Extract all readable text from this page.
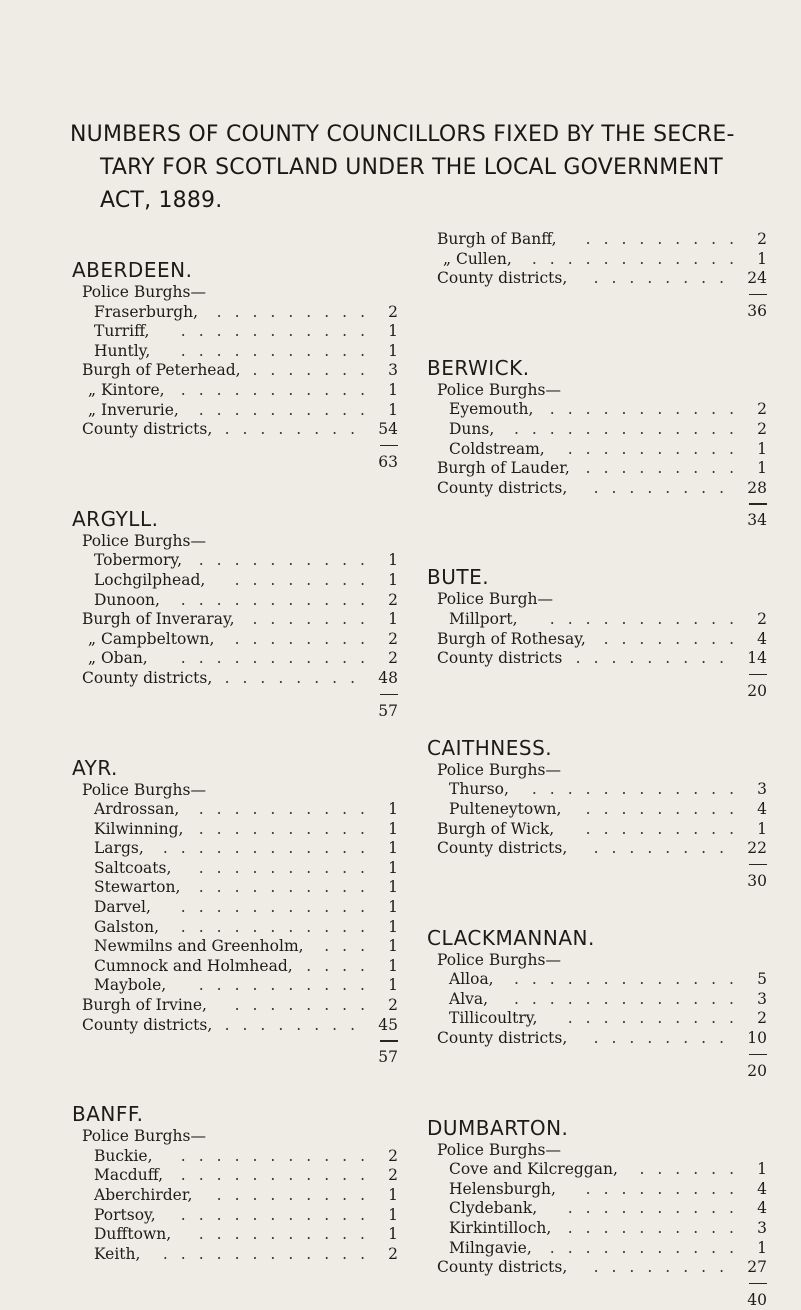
NUMBERS OF COUNTY COUNCILLORS FIXED BY THE SECRE-
TARY FOR SCOTLAND UNDER THE LOCAL GOVERNMENT
ACT, 1889.
ABERDEEN.
Police Burghs—
Fraserburgh,	2
.........
Turriff,	1
...........
Huntly,	1
...........
Burgh of Peterhead,	3
.......
„ Kintore,	1
...........
„ Inverurie,	1
..........
County districts,	54
........
63
ARGYLL.
Police Burghs—
Tobermory,	1
..........
Lochgilphead,	1
........
Dunoon,	2
...........
Burgh of Inveraray,	1
.......
„ Campbeltown,	2
........
„ Oban,	2
...........
County districts,	48
........
57
AYR.
Police Burghs—
Ardrossan,	1
..........
Kilwinning,	1
..........
Largs,	1
............
Saltcoats,	1
..........
Stewarton,	1
..........
Darvel,	1
...........
Galston,	1
...........
Newmilns and Greenholm,	1
...
Cumnock and Holmhead,	1
....
Maybole,	1
..........
Burgh of Irvine,	2
........
County districts,	45
........
57
BANFF.
Police Burghs—
Buckie,	2
...........
Macduff,	2
...........
Aberchirder,	1
.........
Portsoy,	1
...........
Dufftown,	1
..........
Keith,	2
............
Burgh of Banff,	2
.........
„ Cullen,	1
............
County districts,	24
........
36
BERWICK.
Police Burghs—
Eyemouth,	2
...........
Duns,	2
.............
Coldstream,	1
..........
Burgh of Lauder,	1
.........
County districts,	28
........
34
BUTE.
Police Burgh—
Millport,	2
...........
Burgh of Rothesay,	4
........
County districts	14
.........
20
CAITHNESS.
Police Burghs—
Thurso,	3
............
Pulteneytown,	4
.........
Burgh of Wick,	1
.........
County districts,	22
........
30
CLACKMANNAN.
Police Burghs—
Alloa,	5
.............
Alva,	3
.............
Tillicoultry,	2
..........
County districts,	10
........
20
DUMBARTON.
Police Burghs—
Cove and Kilcreggan,	1
......
Helensburgh,	4
.........
Clydebank,	4
..........
Kirkintilloch,	3
..........
Milngavie,	1
...........
County districts,	27
........
40
